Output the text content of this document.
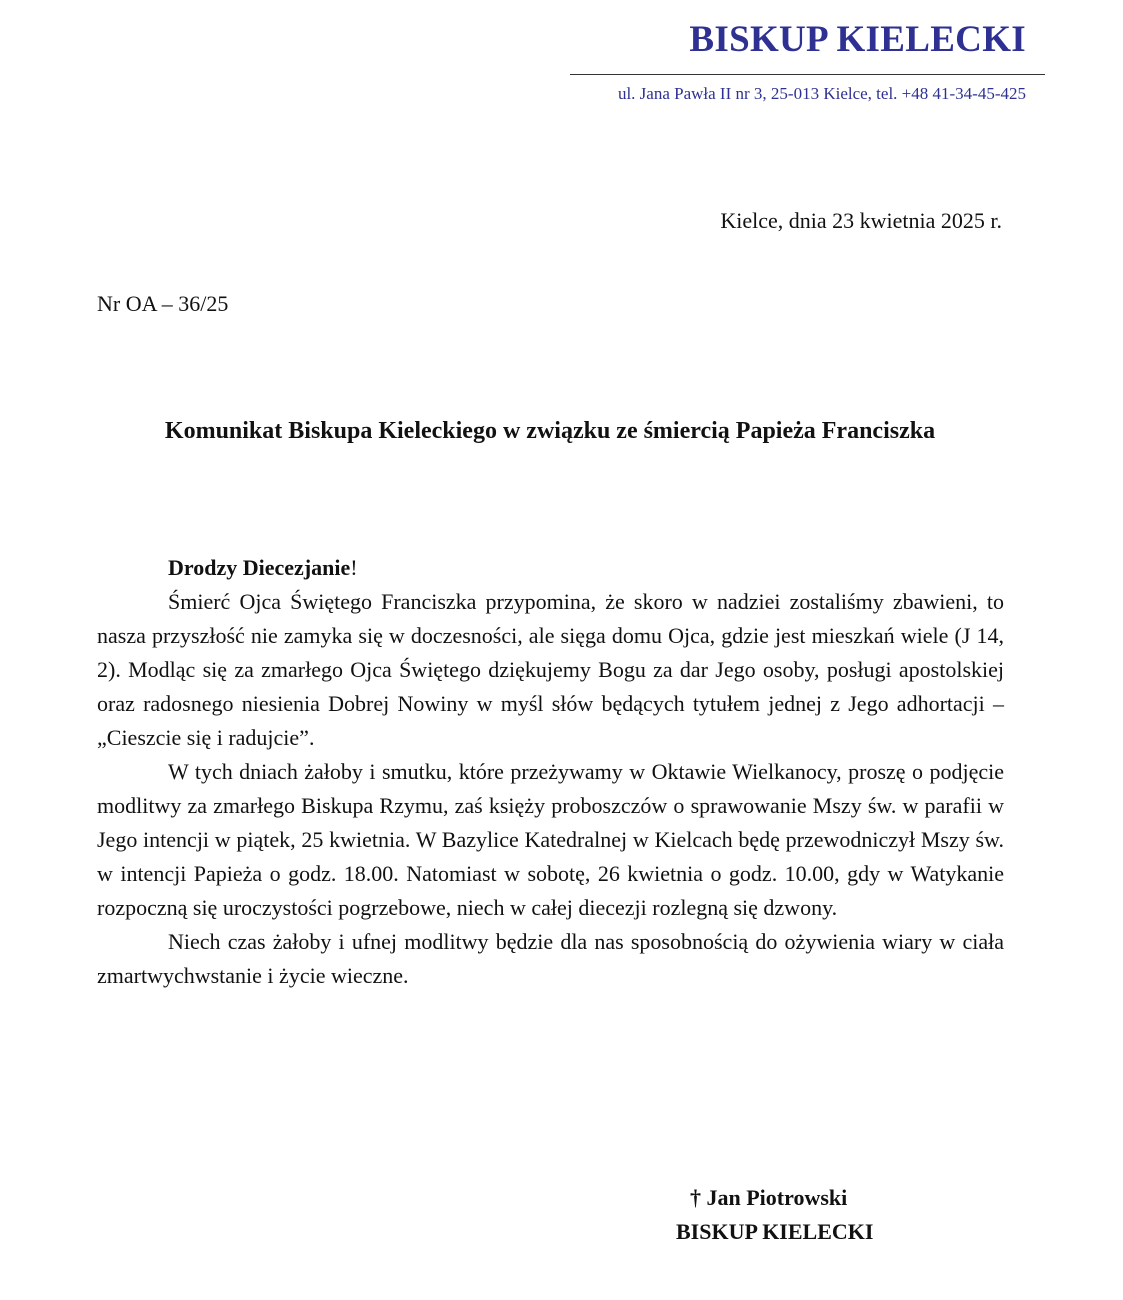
BISKUP KIELECKI
ul. Jana Pawła II nr 3, 25-013 Kielce, tel. +48 41-34-45-425
Kielce, dnia 23 kwietnia 2025 r.
Nr OA – 36/25
Komunikat Biskupa Kieleckiego w związku ze śmiercią Papieża Franciszka

Drodzy Diecezjanie!

Śmierć Ojca Świętego Franciszka przypomina, że skoro w nadziei zostaliśmy zbawieni, to nasza przyszłość nie zamyka się w doczesności, ale sięga domu Ojca, gdzie jest mieszkań wiele (J 14, 2). Modląc się za zmarłego Ojca Świętego dziękujemy Bogu za dar Jego osoby, posługi apostolskiej oraz radosnego niesienia Dobrej Nowiny w myśl słów będących tytułem jednej z Jego adhortacji – „Cieszcie się i radujcie”.

W tych dniach żałoby i smutku, które przeżywamy w Oktawie Wielkanocy, proszę o podjęcie modlitwy za zmarłego Biskupa Rzymu, zaś księży proboszczów o sprawowanie Mszy św. w parafii w Jego intencji w piątek, 25 kwietnia. W Bazylice Katedralnej w Kielcach będę przewodniczył Mszy św. w intencji Papieża o godz. 18.00. Natomiast w sobotę, 26 kwietnia o godz. 10.00, gdy w Watykanie rozpoczną się uroczystości pogrzebowe, niech w całej diecezji rozlegną się dzwony.

Niech czas żałoby i ufnej modlitwy będzie dla nas sposobnością do ożywienia wiary w ciała zmartwychwstanie i życie wieczne.

† Jan Piotrowski
BISKUP KIELECKI
